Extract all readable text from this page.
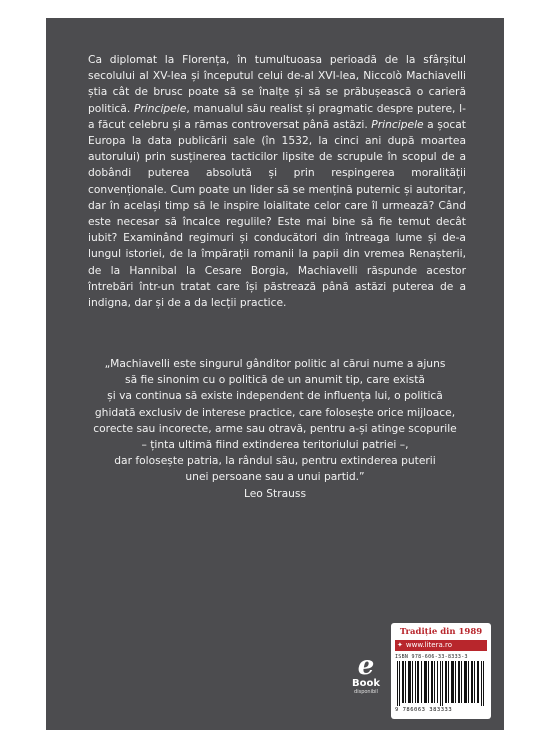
Ca diplomat la Florența, în tumultuoasa perioadă de la sfârșitul secolului al XV-lea și începutul celui de-al XVI-lea, Niccolò Machiavelli știa cât de brusc poate să se înalțe și să se prăbușească o carieră politică. Principele, manualul său realist și pragmatic despre putere, l-a făcut celebru și a rămas controversat până astăzi. Principele a șocat Europa la data publicării sale (în 1532, la cinci ani după moartea autorului) prin susținerea tacticilor lipsite de scrupule în scopul de a dobândi puterea absolută și prin respingerea moralității convenționale. Cum poate un lider să se mențină puternic și autoritar, dar în același timp să le inspire loialitate celor care îl urmează? Când este necesar să încalce regulile? Este mai bine să fie temut decât iubit? Examinând regimuri și conducători din întreaga lume și de-a lungul istoriei, de la împărații romanii la papii din vremea Renașterii, de la Hannibal la Cesare Borgia, Machiavelli răspunde acestor întrebări într-un tratat care își păstrează până astăzi puterea de a indigna, dar și de a da lecții practice.

„Machiavelli este singurul gânditor politic al cărui nume a ajuns
să fie sinonim cu o politică de un anumit tip, care există
și va continua să existe independent de influența lui, o politică
ghidată exclusiv de interese practice, care folosește orice mijloace,
corecte sau incorecte, arme sau otravă, pentru a-și atinge scopurile
– ținta ultimă fiind extinderea teritoriului patriei –,
dar folosește patria, la rândul său, pentru extinderea puterii
unei persoane sau a unui partid.”
Leo Strauss

e
Book
disponibil
Tradiție din 1989
✦ www.litera.ro
ISBN 978-606-33-8333-3
9 786063 383333
